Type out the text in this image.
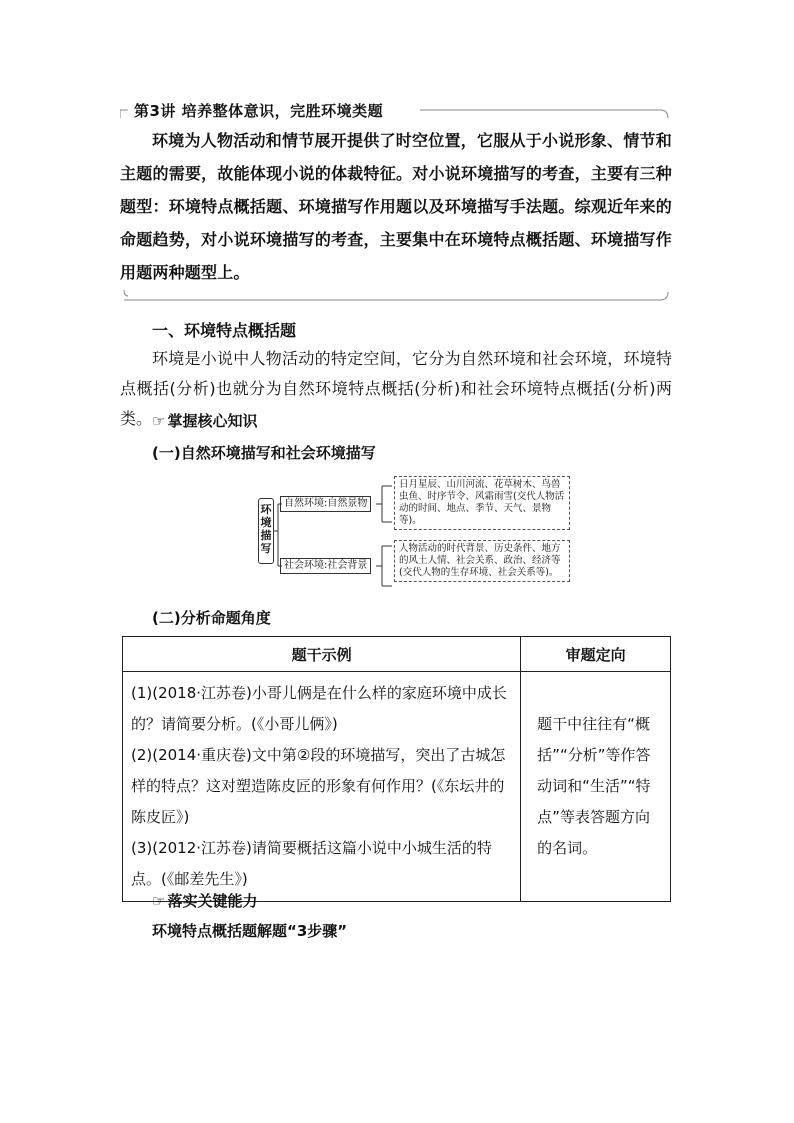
第3讲 培养整体意识，完胜环境类题
环境为人物活动和情节展开提供了时空位置，它服从于小说形象、情节和主题的需要，故能体现小说的体裁特征。对小说环境描写的考查，主要有三种题型：环境特点概括题、环境描写作用题以及环境描写手法题。综观近年来的命题趋势，对小说环境描写的考查，主要集中在环境特点概括题、环境描写作用题两种题型上。
一、环境特点概括题
环境是小说中人物活动的特定空间，它分为自然环境和社会环境，环境特点概括(分析)也就分为自然环境特点概括(分析)和社会环境特点概括(分析)两类。 ☞ 掌握核心知识
(一)自然环境描写和社会环境描写
环境描写
自然环境:自然景物
日月星辰、山川河流、花草树木、鸟兽虫鱼、时序节令、风霜雨雪(交代人物活动的时间、地点、季节、天气、景物等)。
社会环境:社会背景
人物活动的时代背景、历史条件、地方的风土人情、社会关系、政治、经济等(交代人物的生存环境、社会关系等)。
(二)分析命题角度
题干示例	审题定向

(1)(2018·江苏卷)小哥儿俩是在什么样的家庭环境中成长的？请简要分析。(《小哥儿俩》)
(2)(2014·重庆卷)文中第②段的环境描写，突出了古城怎样的特点？这对塑造陈皮匠的形象有何作用？(《东坛井的陈皮匠》)
(3)(2012·江苏卷)请简要概括这篇小说中小城生活的特点。(《邮差先生》)	题干中往往有“概括”“分析”等作答动词和“生活”“特点”等表答题方向的名词。
☞ 落实关键能力
环境特点概括题解题“3步骤”
